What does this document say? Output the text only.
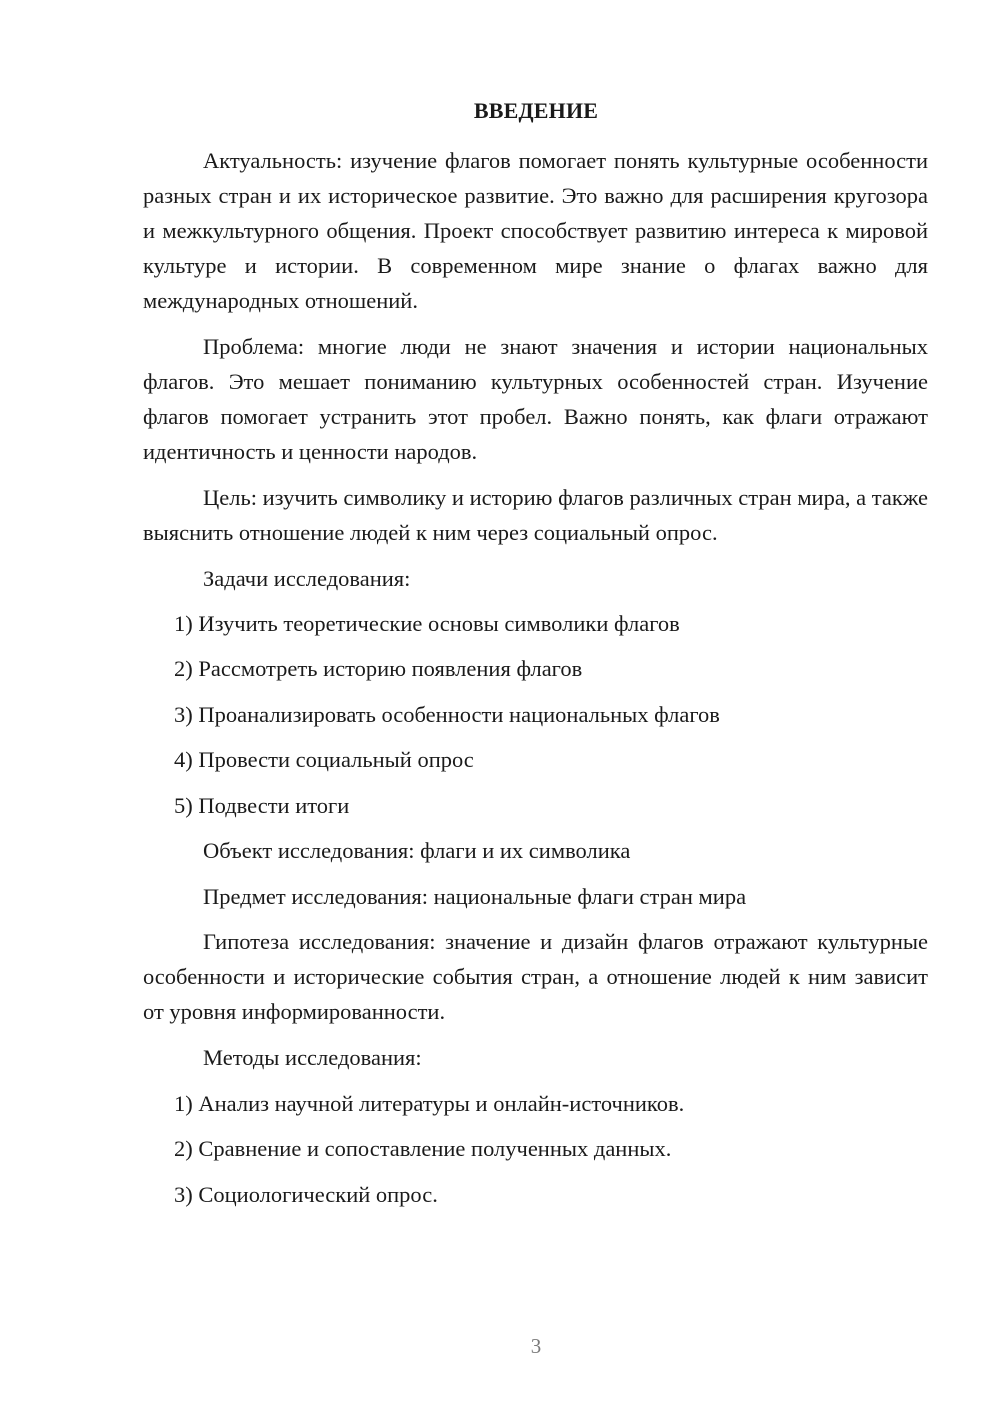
ВВЕДЕНИЕ
Актуальность: изучение флагов помогает понять культурные особенности разных стран и их историческое развитие. Это важно для расширения кругозора и межкультурного общения. Проект способствует развитию интереса к мировой культуре и истории. В современном мире знание о флагах важно для международных отношений.
Проблема: многие люди не знают значения и истории национальных флагов. Это мешает пониманию культурных особенностей стран. Изучение флагов помогает устранить этот пробел. Важно понять, как флаги отражают идентичность и ценности народов.
Цель: изучить символику и историю флагов различных стран мира, а также выяснить отношение людей к ним через социальный опрос.
Задачи исследования:
1) Изучить теоретические основы символики флагов
2) Рассмотреть историю появления флагов
3) Проанализировать особенности национальных флагов
4) Провести социальный опрос
5) Подвести итоги
Объект исследования: флаги и их символика
Предмет исследования: национальные флаги стран мира
Гипотеза исследования: значение и дизайн флагов отражают культурные особенности и исторические события стран, а отношение людей к ним зависит от уровня информированности.
Методы исследования:
1) Анализ научной литературы и онлайн-источников.
2) Сравнение и сопоставление полученных данных.
3) Социологический опрос.
3
